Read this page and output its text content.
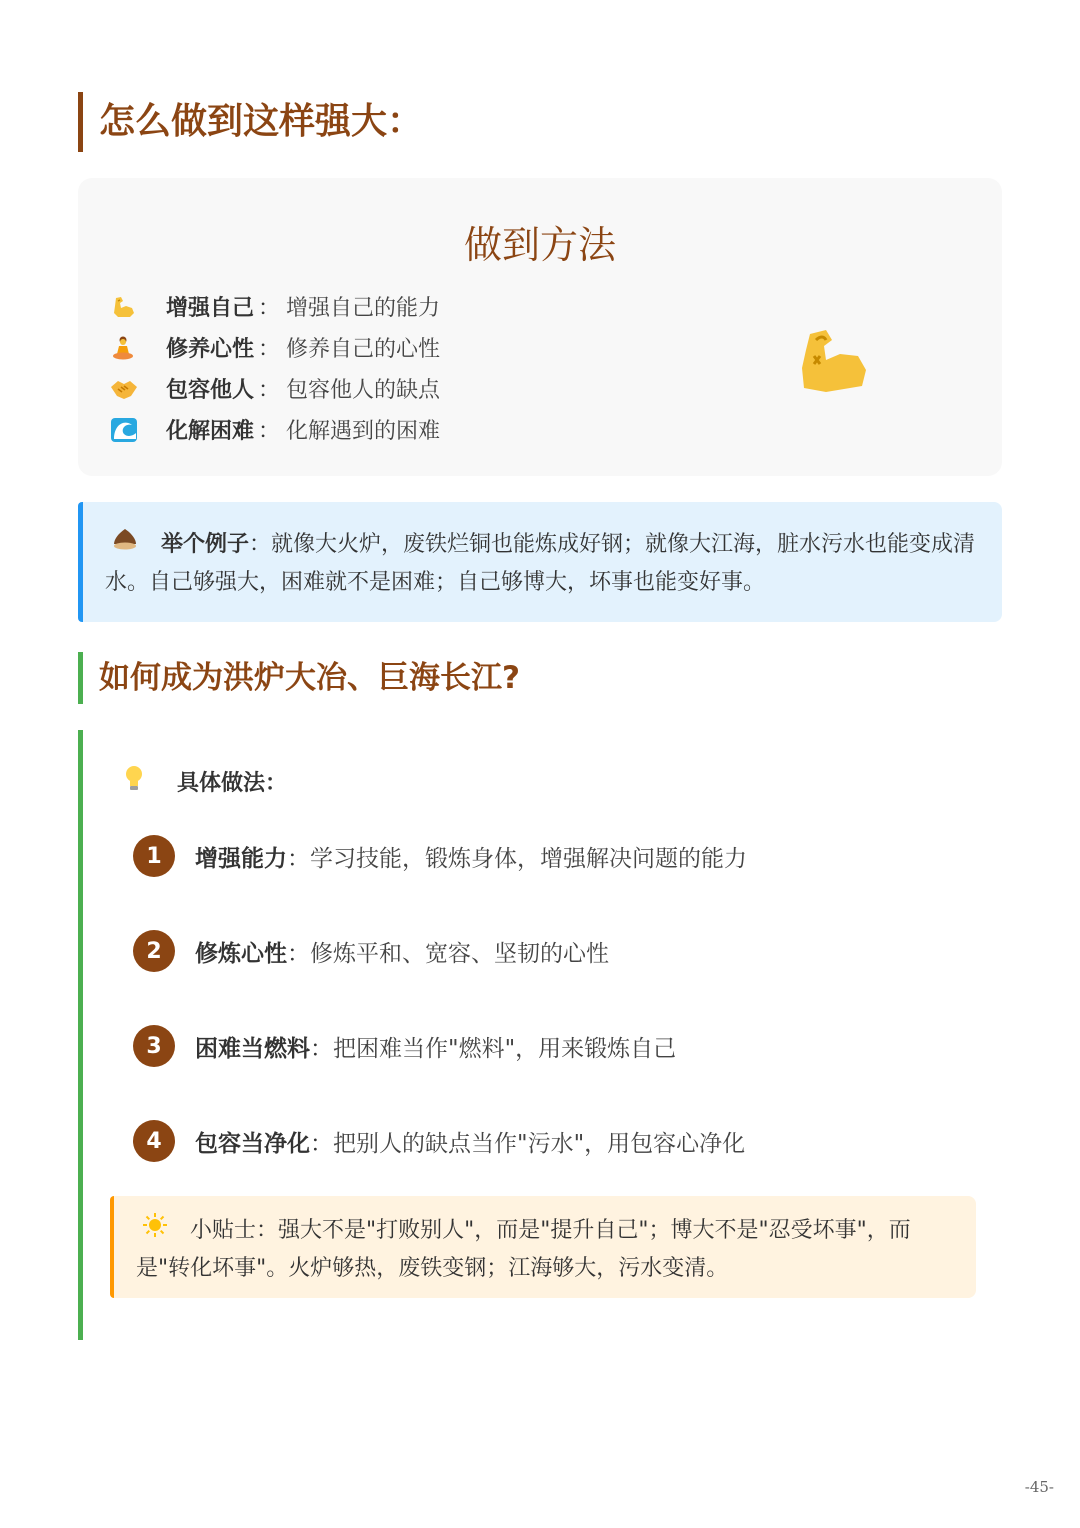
怎么做到这样强大：
做到方法
增强自己 ： 增强自己的能力
修养心性 ： 修养自己的心性
包容他人 ： 包容他人的缺点
化解困难 ： 化解遇到的困难
举个例子：就像大火炉，废铁烂铜也能炼成好钢；就像大江海，脏水污水也能变成清水。自己够强大，困难就不是困难；自己够博大，坏事也能变好事。
如何成为洪炉大冶、巨海长江?
具体做法：
1	增强能力 ： 学习技能，锻炼身体，增强解决问题的能力
2	修炼心性 ： 修炼平和、宽容、坚韧的心性
3	困难当燃料 ： 把困难当作"燃料"，用来锻炼自己
4	包容当净化 ： 把别人的缺点当作"污水"，用包容心净化
小贴士：强大不是"打败别人"，而是"提升自己"；博大不是"忍受坏事"，而是"转化坏事"。火炉够热，废铁变钢；江海够大，污水变清。
-45-
